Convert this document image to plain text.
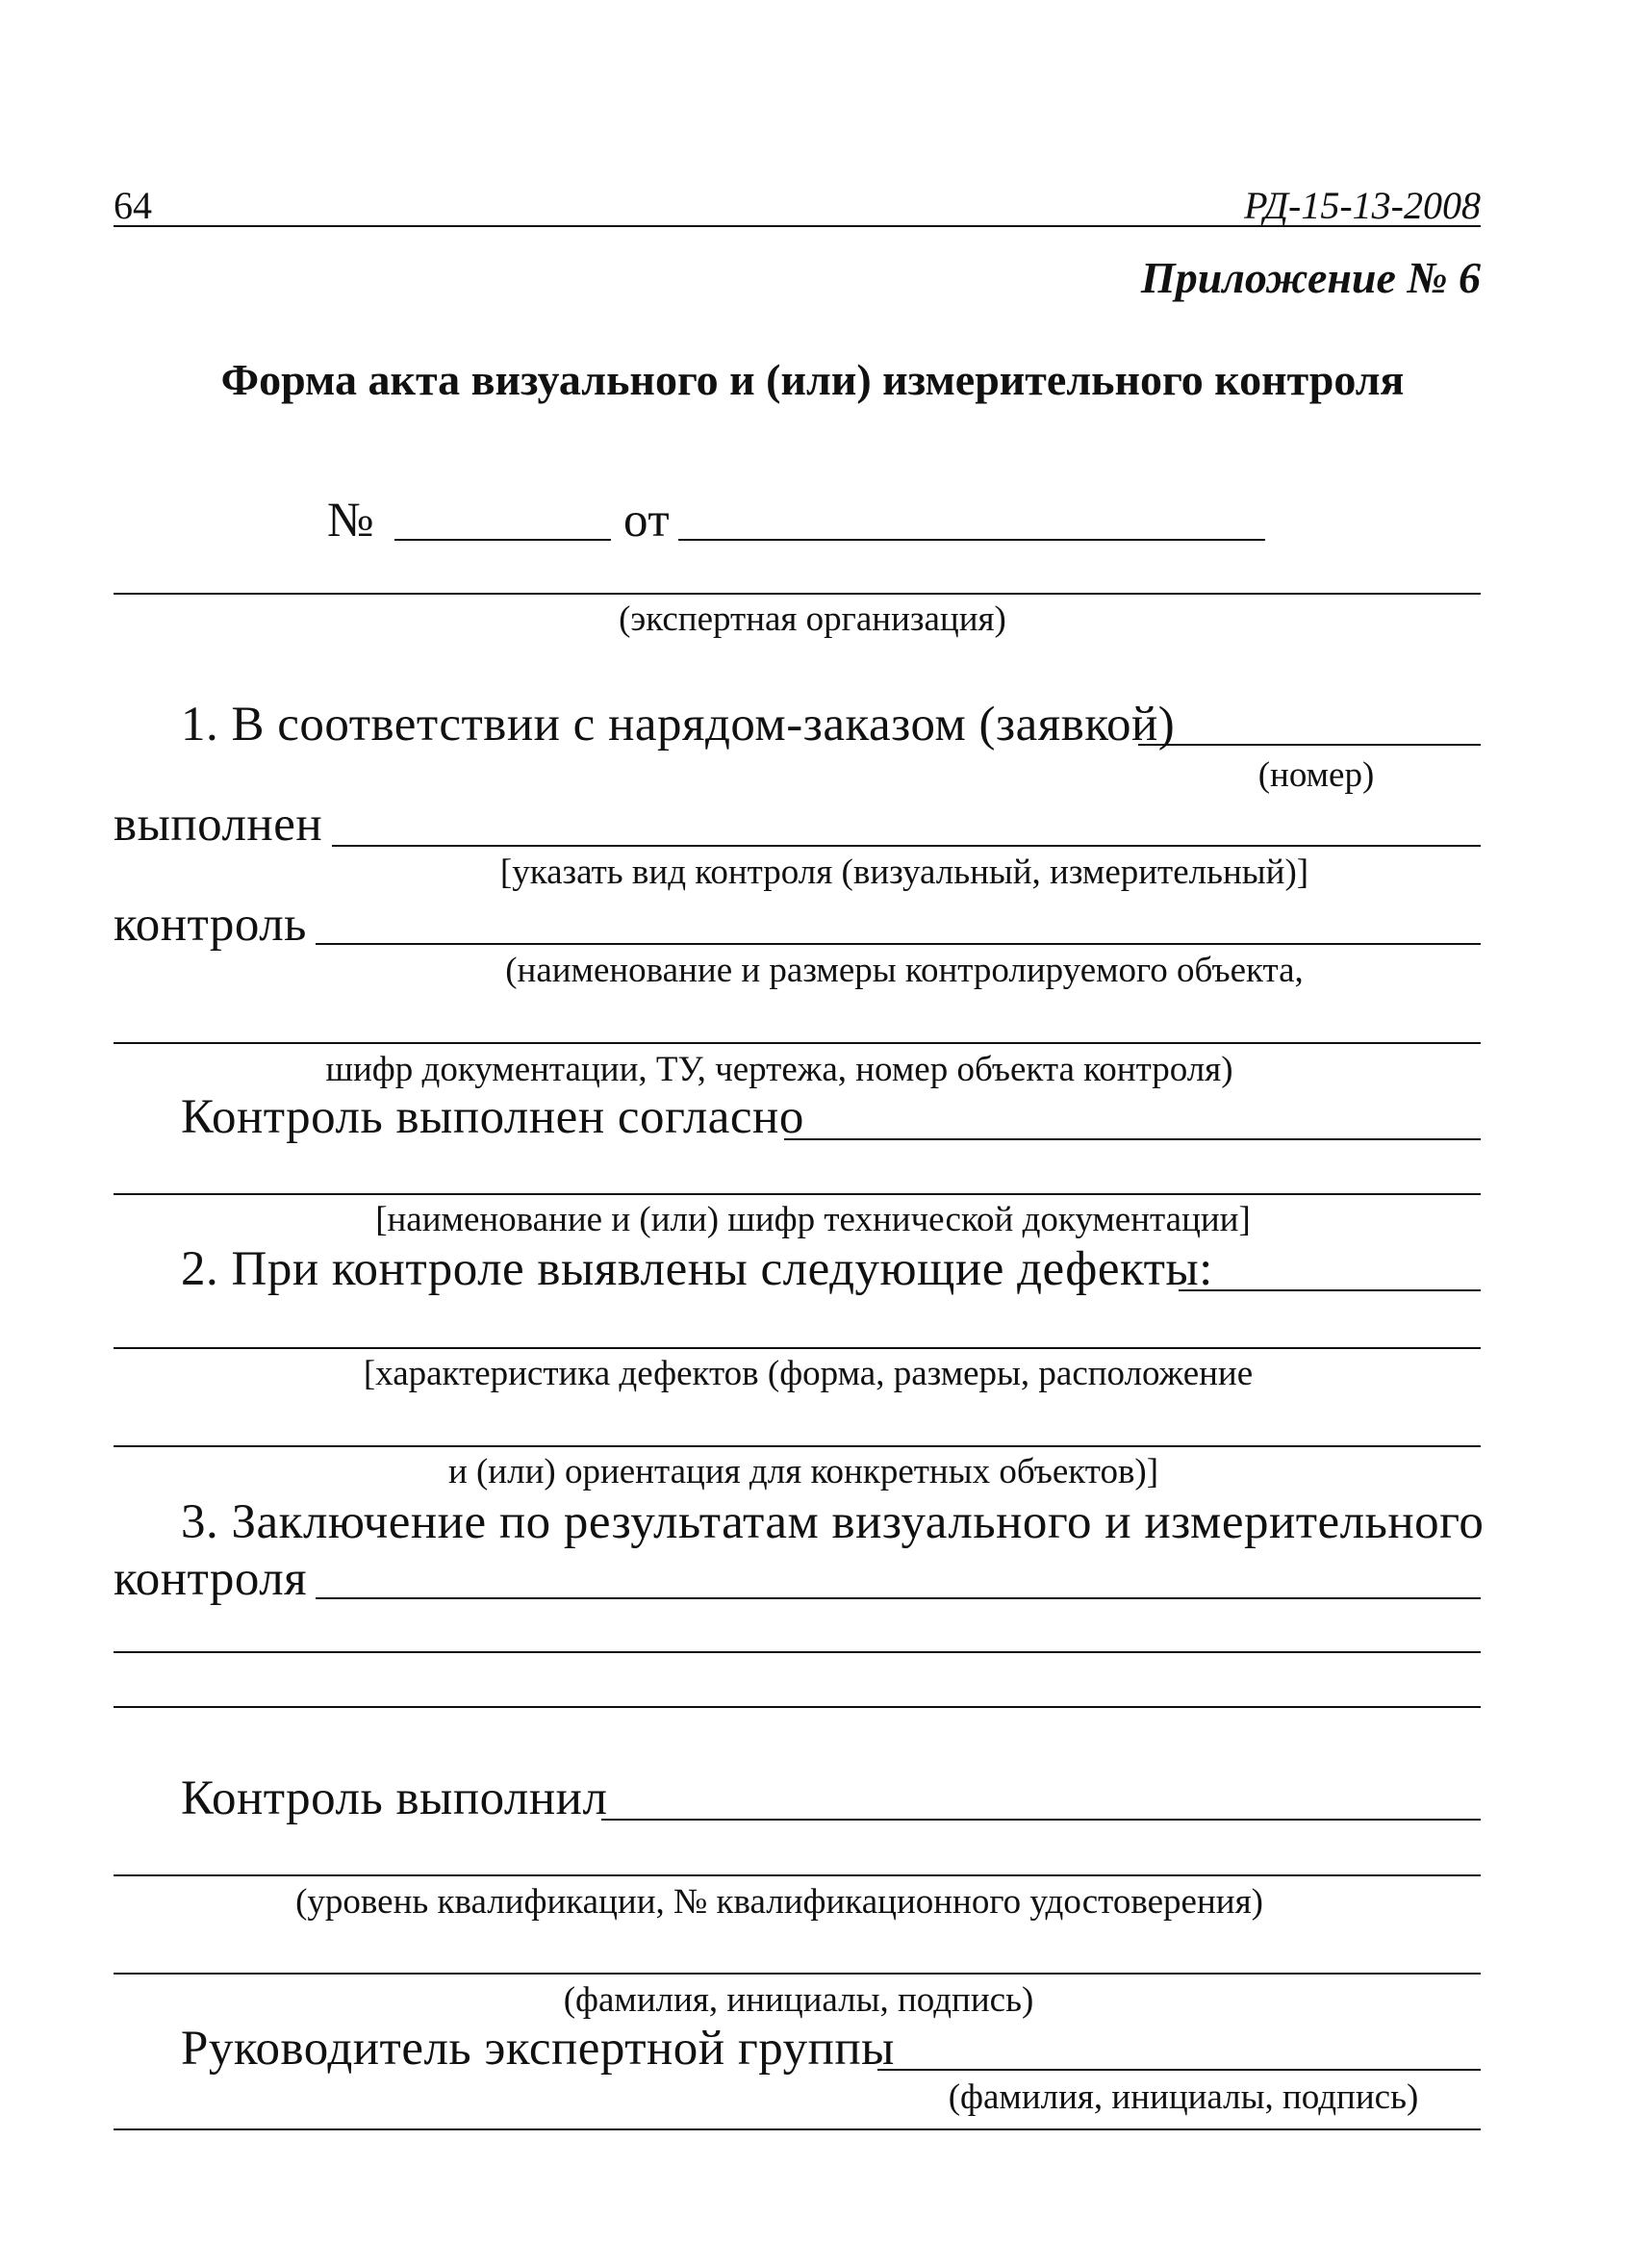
64	РД-15-13-2008
Приложение № 6
Форма акта визуального и (или) измерительного контроля
№	от
(экспертная организация)
1. В соответствии с нарядом-заказом (заявкой)
(номер)
выполнен
[указать вид контроля (визуальный, измерительный)]
контроль
(наименование и размеры контролируемого объекта,
шифр документации, ТУ, чертежа, номер объекта контроля)
Контроль выполнен согласно
[наименование и (или) шифр технической документации]
2. При контроле выявлены следующие дефекты:
[характеристика дефектов (форма, размеры, расположение
и (или) ориентация для конкретных объектов)]
3. Заключение по результатам визуального и измерительного
контроля
Контроль выполнил
(уровень квалификации, № квалификационного удостоверения)
(фамилия, инициалы, подпись)
Руководитель экспертной группы
(фамилия, инициалы, подпись)
